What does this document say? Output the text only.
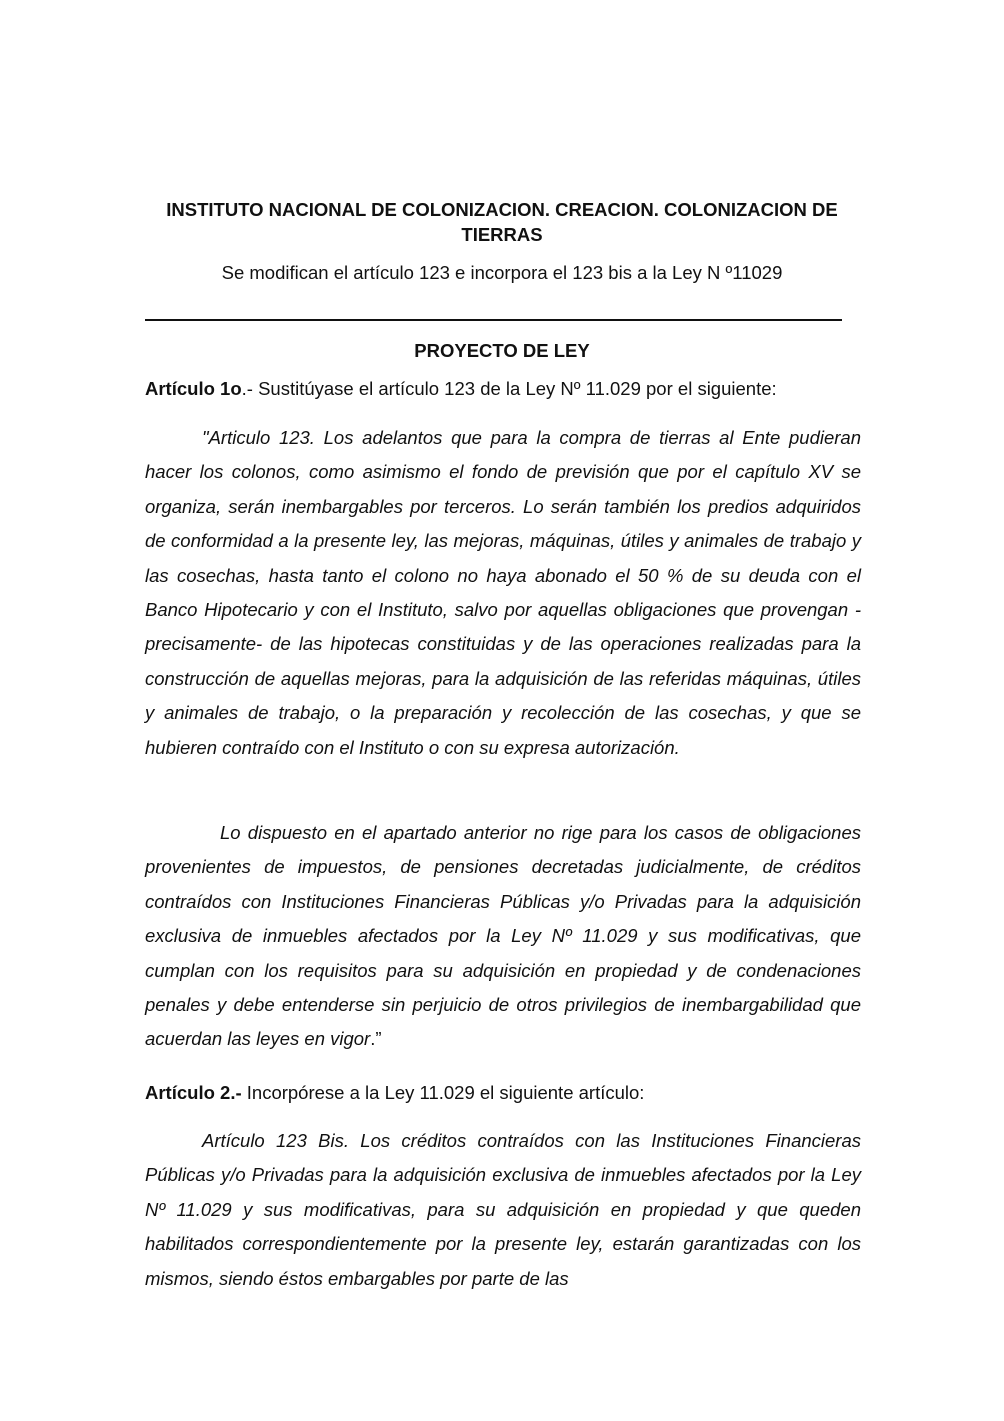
INSTITUTO NACIONAL DE COLONIZACION. CREACION. COLONIZACION DE TIERRAS
Se modifican el artículo 123 e incorpora el 123 bis a la Ley N º11029
PROYECTO DE LEY
Artículo 1o.- Sustitúyase el artículo 123 de la Ley Nº 11.029 por el siguiente:

"Articulo 123. Los adelantos que para la compra de tierras al Ente pudieran hacer los colonos, como asimismo el fondo de previsión que por el capítulo XV se organiza, serán inembargables por terceros. Lo serán también los predios adquiridos de conformidad a la presente ley, las mejoras, máquinas, útiles y animales de trabajo y las cosechas, hasta tanto el colono no haya abonado el 50 % de su deuda con el Banco Hipotecario y con el Instituto, salvo por aquellas obligaciones que provengan -precisamente- de las hipotecas constituidas y de las operaciones realizadas para la construcción de aquellas mejoras, para la adquisición de las referidas máquinas, útiles y animales de trabajo, o la preparación y recolección de las cosechas, y que se hubieren contraído con el Instituto o con su expresa autorización.

Lo dispuesto en el apartado anterior no rige para los casos de obligaciones provenientes de impuestos, de pensiones decretadas judicialmente, de créditos contraídos con Instituciones Financieras Públicas y/o Privadas para la adquisición exclusiva de inmuebles afectados por la Ley Nº 11.029 y sus modificativas, que cumplan con los requisitos para su adquisición en propiedad y de condenaciones penales y debe entenderse sin perjuicio de otros privilegios de inembargabilidad que acuerdan las leyes en vigor.”

Artículo 2.- Incorpórese a la Ley 11.029 el siguiente artículo:

Artículo 123 Bis. Los créditos contraídos con las Instituciones Financieras Públicas y/o Privadas para la adquisición exclusiva de inmuebles afectados por la Ley Nº 11.029 y sus modificativas, para su adquisición en propiedad y que queden habilitados correspondientemente por la presente ley, estarán garantizadas con los mismos, siendo éstos embargables por parte de las
